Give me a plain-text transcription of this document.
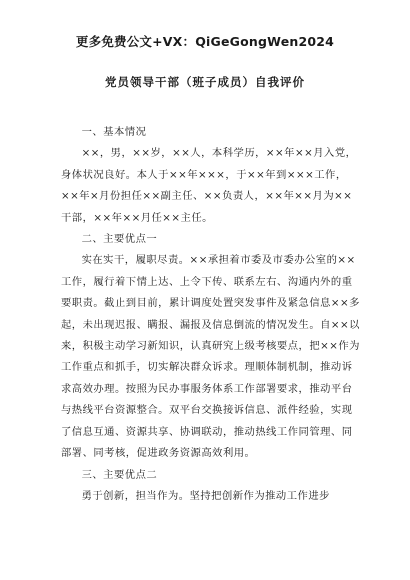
更多免费公文+VX：QiGeGongWen2024
党员领导干部（班子成员）自我评价

一、基本情况

××，男，××岁，××人，本科学历，××年××月入党，身体状况良好。本人于××年×××，于××年到×××工作，××年×月份担任××副主任、××负责人，××年××月为××干部，××年××月任××主任。

二、主要优点一

实在实干，履职尽责。××承担着市委及市委办公室的××工作，履行着下情上达、上令下传、联系左右、沟通内外的重要职责。截止到目前，累计调度处置突发事件及紧急信息××多起，未出现迟报、瞒报、漏报及信息倒流的情况发生。自××以来，积极主动学习新知识，认真研究上级考核要点，把××作为工作重点和抓手，切实解决群众诉求。理顺体制机制，推动诉求高效办理。按照为民办事服务体系工作部署要求，推动平台与热线平台资源整合。双平台交换接诉信息、派件经验，实现了信息互通、资源共享、协调联动，推动热线工作同管理、同部署、同考核，促进政务资源高效利用。

三、主要优点二

勇于创新，担当作为。坚持把创新作为推动工作进步
